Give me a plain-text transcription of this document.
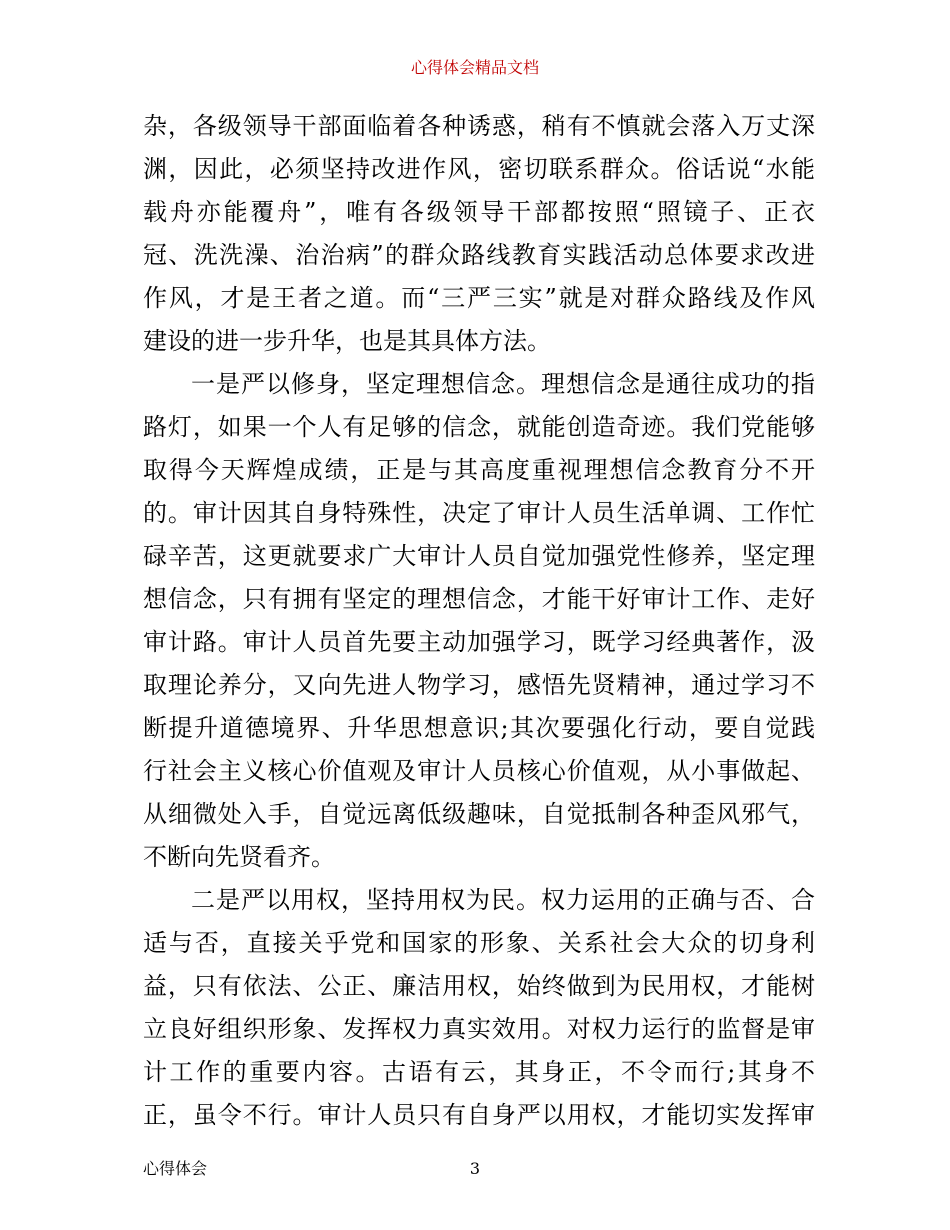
心得体会精品文档
杂，各级领导干部面临着各种诱惑，稍有不慎就会落入万丈深
渊，因此，必须坚持改进作风，密切联系群众。俗话说“水能
载舟亦能覆舟”，唯有各级领导干部都按照“照镜子、正衣
冠、洗洗澡、治治病”的群众路线教育实践活动总体要求改进
作风，才是王者之道。而“三严三实”就是对群众路线及作风
建设的进一步升华，也是其具体方法。
一是严以修身，坚定理想信念。理想信念是通往成功的指
路灯，如果一个人有足够的信念，就能创造奇迹。我们党能够
取得今天辉煌成绩，正是与其高度重视理想信念教育分不开
的。审计因其自身特殊性，决定了审计人员生活单调、工作忙
碌辛苦，这更就要求广大审计人员自觉加强党性修养，坚定理
想信念，只有拥有坚定的理想信念，才能干好审计工作、走好
审计路。审计人员首先要主动加强学习，既学习经典著作，汲
取理论养分，又向先进人物学习，感悟先贤精神，通过学习不
断提升道德境界、升华思想意识;其次要强化行动，要自觉践
行社会主义核心价值观及审计人员核心价值观，从小事做起、
从细微处入手，自觉远离低级趣味，自觉抵制各种歪风邪气，
不断向先贤看齐。
二是严以用权，坚持用权为民。权力运用的正确与否、合
适与否，直接关乎党和国家的形象、关系社会大众的切身利
益，只有依法、公正、廉洁用权，始终做到为民用权，才能树
立良好组织形象、发挥权力真实效用。对权力运行的监督是审
计工作的重要内容。古语有云，其身正，不令而行;其身不
正，虽令不行。审计人员只有自身严以用权，才能切实发挥审
心得体会	3
